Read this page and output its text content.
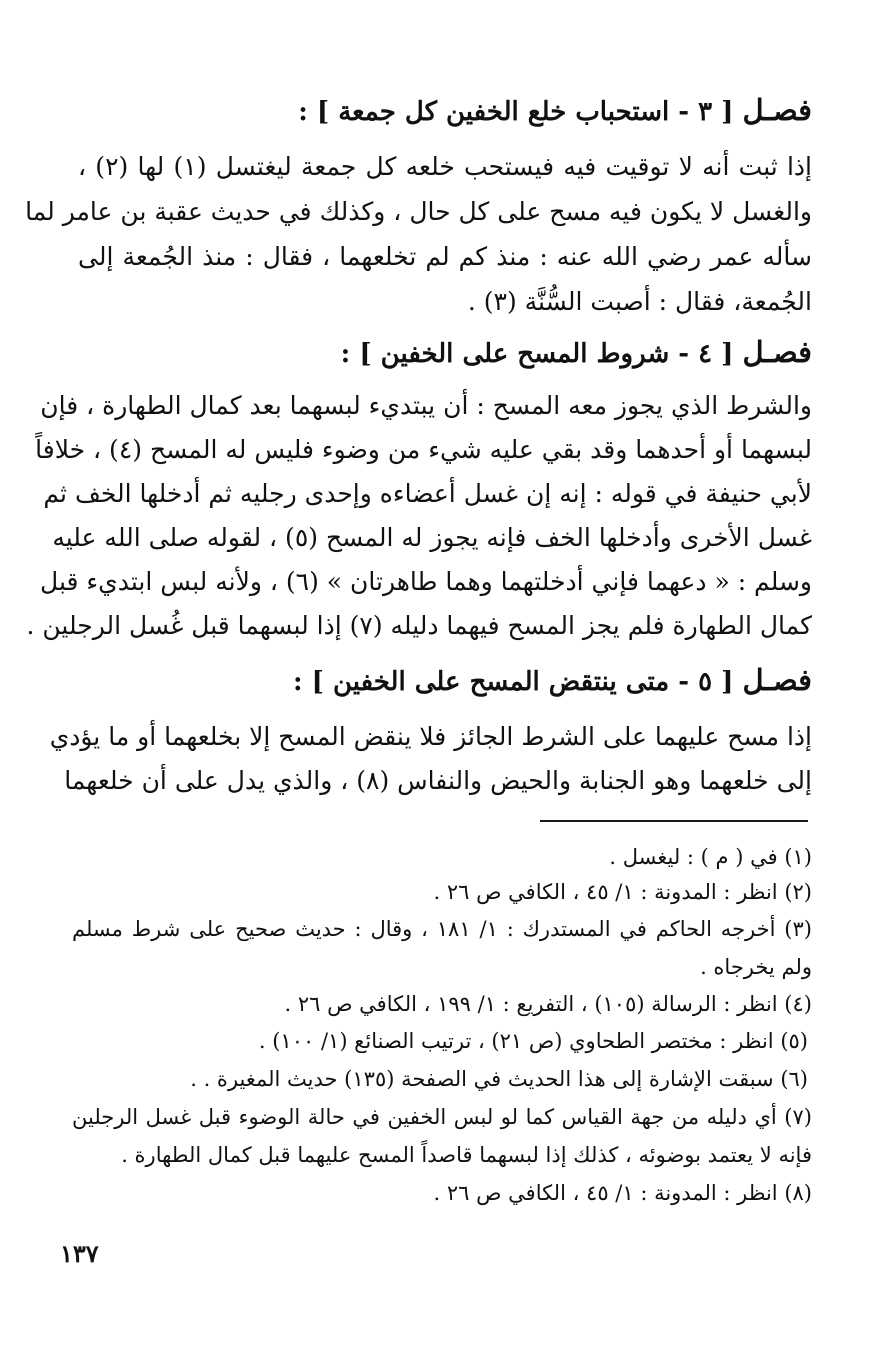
فصـل [ ٣ - استحباب خلع الخفين كل جمعة ] :
إذا ثبت أنه لا توقيت فيه فيستحب خلعه كل جمعة ليغتسل (١) لها (٢) ،
والغسل لا يكون فيه مسح على كل حال ، وكذلك في حديث عقبة بن عامر لما
سأله عمر رضي الله عنه : منذ كم لم تخلعهما ، فقال : منذ الجُمعة إلى
الجُمعة، فقال : أصبت السُّنَّة (٣) .
فصـل [ ٤ - شروط المسح على الخفين ] :
والشرط الذي يجوز معه المسح : أن يبتديء لبسهما بعد كمال الطهارة ، فإن
لبسهما أو أحدهما وقد بقي عليه شيء من وضوء فليس له المسح (٤) ، خلافاً
لأبي حنيفة في قوله : إنه إن غسل أعضاءه وإحدى رجليه ثم أدخلها الخف ثم
غسل الأخرى وأدخلها الخف فإنه يجوز له المسح (٥) ، لقوله صلى الله عليه
وسلم : « دعهما فإني أدخلتهما وهما طاهرتان » (٦) ، ولأنه لبس ابتديء قبل
كمال الطهارة فلم يجز المسح فيهما دليله (٧) إذا لبسهما قبل غُسل الرجلين .
فصـل [ ٥ - متى ينتقض المسح على الخفين ] :
إذا مسح عليهما على الشرط الجائز فلا ينقض المسح إلا بخلعهما أو ما يؤدي
إلى خلعهما وهو الجنابة والحيض والنفاس (٨) ، والذي يدل على أن خلعهما
(١) في ( م ) : ليغسل .
(٢) انظر : المدونة : ١/ ٤٥ ، الكافي ص ٢٦ .
(٣) أخرجه الحاكم في المستدرك : ١/ ١٨١ ، وقال : حديث صحيح على شرط مسلم
ولم يخرجاه .
(٤) انظر : الرسالة (١٠٥) ، التفريع : ١/ ١٩٩ ، الكافي ص ٢٦ .
(٥) انظر : مختصر الطحاوي (ص ٢١) ، ترتيب الصنائع (١/ ١٠٠) .
(٦) سبقت الإشارة إلى هذا الحديث في الصفحة (١٣٥) حديث المغيرة . .
(٧) أي دليله من جهة القياس كما لو لبس الخفين في حالة الوضوء قبل غسل الرجلين
فإنه لا يعتمد بوضوئه ، كذلك إذا لبسهما قاصداً المسح عليهما قبل كمال الطهارة .
(٨) انظر : المدونة : ١/ ٤٥ ، الكافي ص ٢٦ .
١٣٧
